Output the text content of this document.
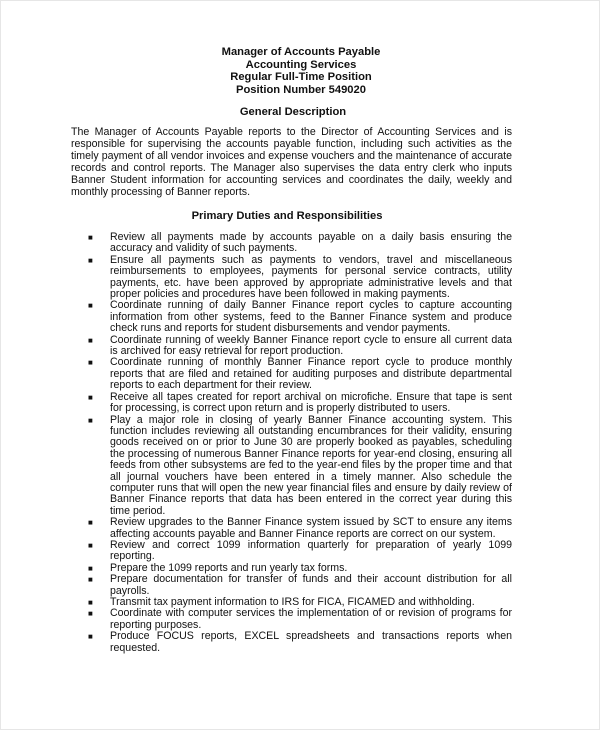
Manager of Accounts Payable
Accounting Services
Regular Full-Time Position
Position Number 549020
General Description

The Manager of Accounts Payable reports to the Director of Accounting Services and is responsible for supervising the accounts payable function, including such activities as the timely payment of all vendor invoices and expense vouchers and the maintenance of accurate records and control reports. The Manager also supervises the data entry clerk who inputs Banner Student information for accounting services and coordinates the daily, weekly and monthly processing of Banner reports.

Primary Duties and Responsibilities
■ Review all payments made by accounts payable on a daily basis ensuring the accuracy and validity of such payments.
■ Ensure all payments such as payments to vendors, travel and miscellaneous reimbursements to employees, payments for personal service contracts, utility payments, etc. have been approved by appropriate administrative levels and that proper policies and procedures have been followed in making payments.
■ Coordinate running of daily Banner Finance report cycles to capture accounting information from other systems, feed to the Banner Finance system and produce check runs and reports for student disbursements and vendor payments.
■ Coordinate running of weekly Banner Finance report cycle to ensure all current data is archived for easy retrieval for report production.
■ Coordinate running of monthly Banner Finance report cycle to produce monthly reports that are filed and retained for auditing purposes and distribute departmental reports to each department for their review.
■ Receive all tapes created for report archival on microfiche. Ensure that tape is sent for processing, is correct upon return and is properly distributed to users.
■ Play a major role in closing of yearly Banner Finance accounting system. This function includes reviewing all outstanding encumbrances for their validity, ensuring goods received on or prior to June 30 are properly booked as payables, scheduling the processing of numerous Banner Finance reports for year-end closing, ensuring all feeds from other subsystems are fed to the year-end files by the proper time and that all journal vouchers have been entered in a timely manner. Also schedule the computer runs that will open the new year financial files and ensure by daily review of Banner Finance reports that data has been entered in the correct year during this time period.
■ Review upgrades to the Banner Finance system issued by SCT to ensure any items affecting accounts payable and Banner Finance reports are correct on our system.
■ Review and correct 1099 information quarterly for preparation of yearly 1099 reporting.
■ Prepare the 1099 reports and run yearly tax forms.
■ Prepare documentation for transfer of funds and their account distribution for all payrolls.
■ Transmit tax payment information to IRS for FICA, FICAMED and withholding.
■ Coordinate with computer services the implementation of or revision of programs for reporting purposes.
■ Produce FOCUS reports, EXCEL spreadsheets and transactions reports when requested.
